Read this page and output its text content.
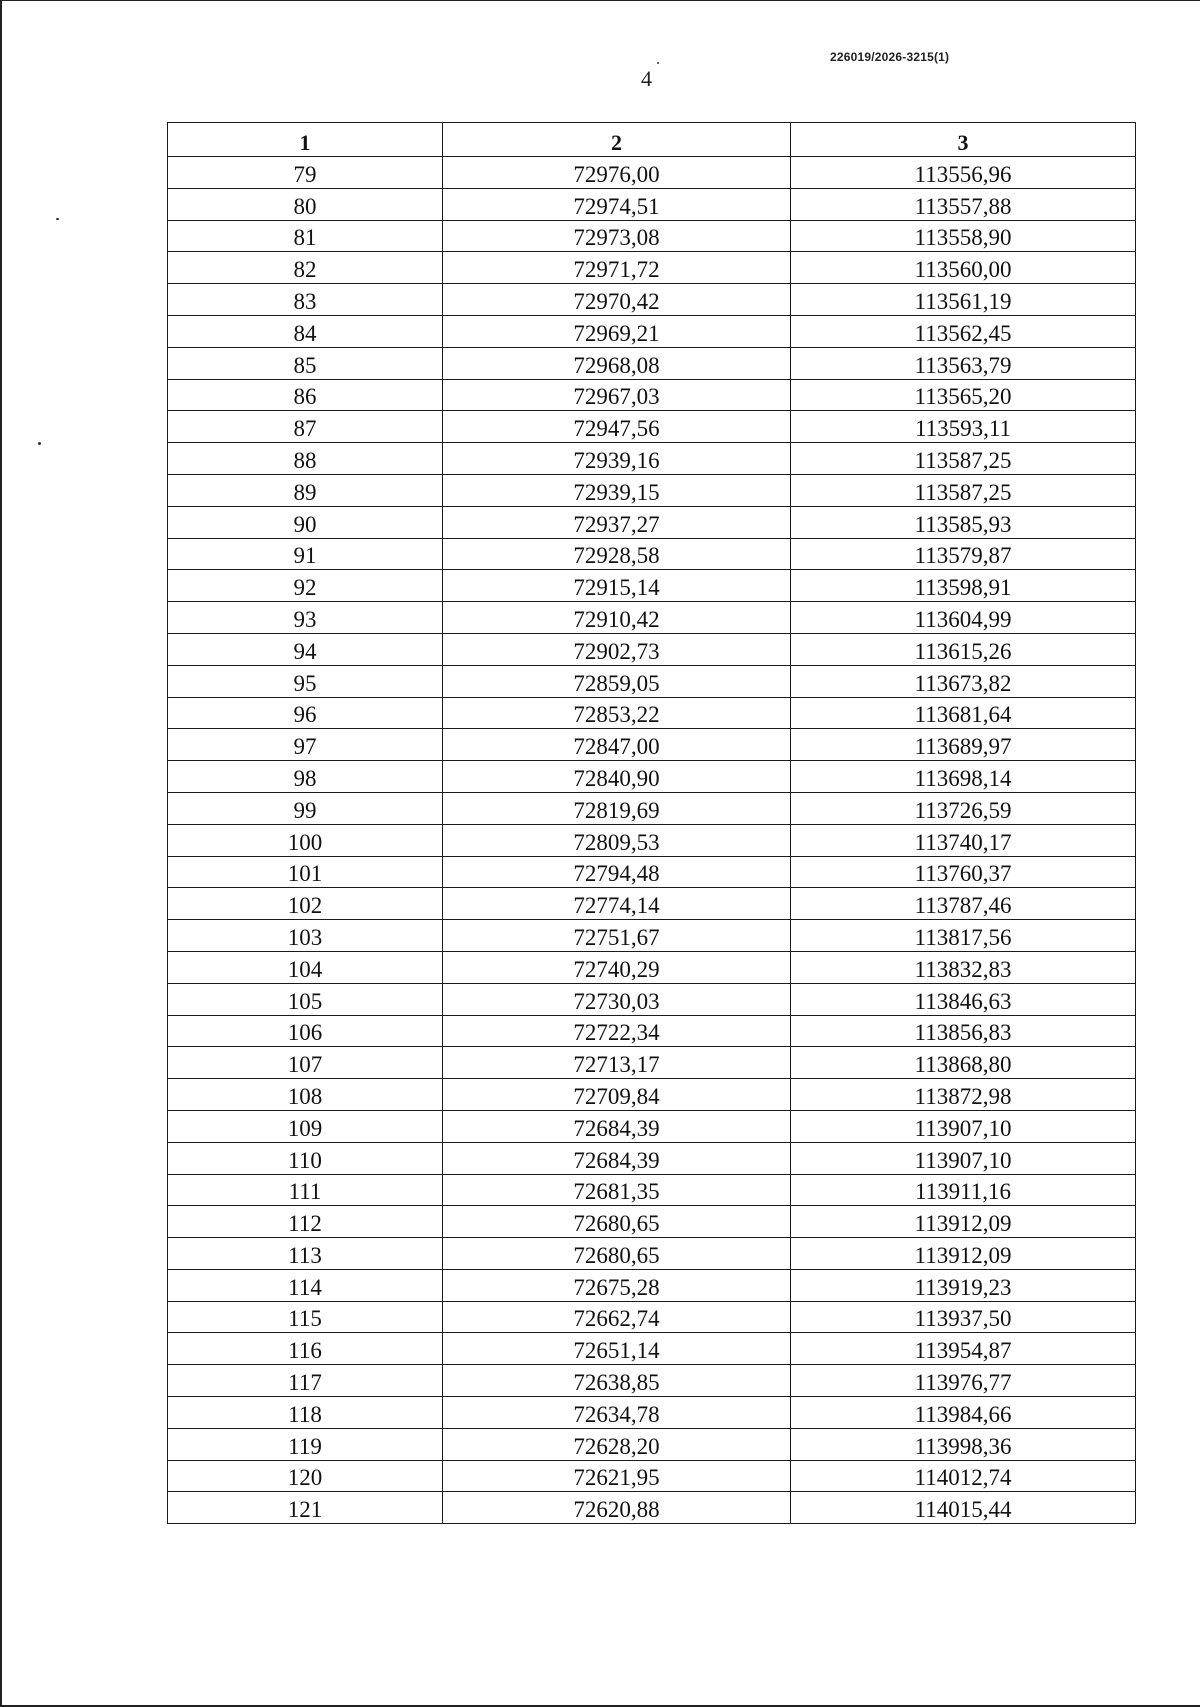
226019/2026-3215(1)
4
1	2	3
79	72976,00	113556,96
80	72974,51	113557,88
81	72973,08	113558,90
82	72971,72	113560,00
83	72970,42	113561,19
84	72969,21	113562,45
85	72968,08	113563,79
86	72967,03	113565,20
87	72947,56	113593,11
88	72939,16	113587,25
89	72939,15	113587,25
90	72937,27	113585,93
91	72928,58	113579,87
92	72915,14	113598,91
93	72910,42	113604,99
94	72902,73	113615,26
95	72859,05	113673,82
96	72853,22	113681,64
97	72847,00	113689,97
98	72840,90	113698,14
99	72819,69	113726,59
100	72809,53	113740,17
101	72794,48	113760,37
102	72774,14	113787,46
103	72751,67	113817,56
104	72740,29	113832,83
105	72730,03	113846,63
106	72722,34	113856,83
107	72713,17	113868,80
108	72709,84	113872,98
109	72684,39	113907,10
110	72684,39	113907,10
111	72681,35	113911,16
112	72680,65	113912,09
113	72680,65	113912,09
114	72675,28	113919,23
115	72662,74	113937,50
116	72651,14	113954,87
117	72638,85	113976,77
118	72634,78	113984,66
119	72628,20	113998,36
120	72621,95	114012,74
121	72620,88	114015,44
